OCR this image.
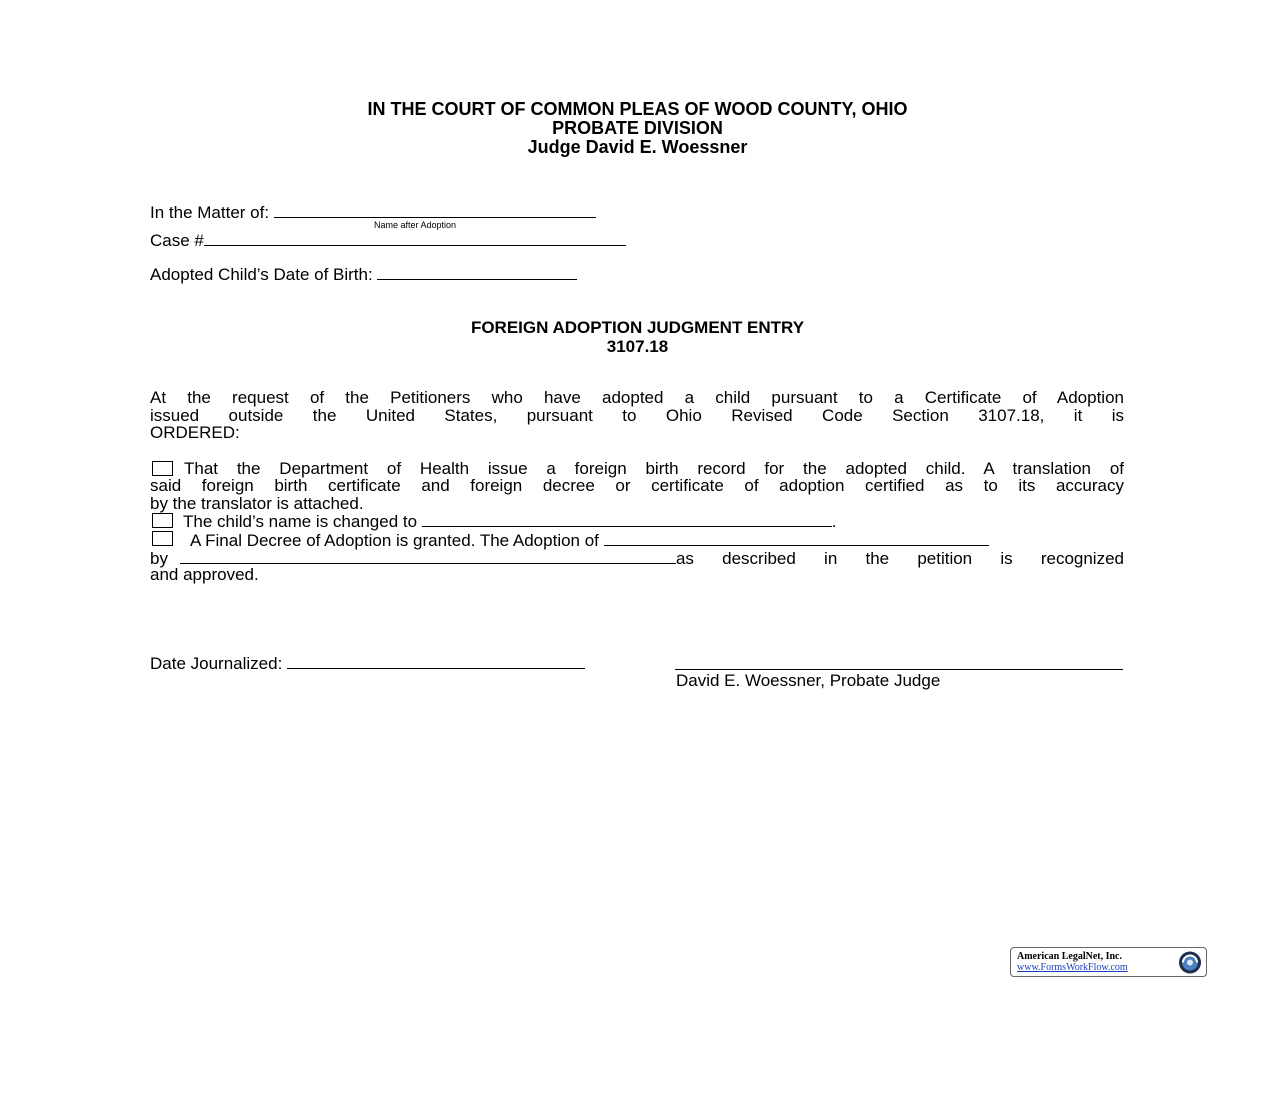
IN THE COURT OF COMMON PLEAS OF WOOD COUNTY, OHIO
PROBATE DIVISION
Judge David E. Woessner
In the Matter of:
Name after Adoption
Case #
Adopted Child’s Date of Birth:
FOREIGN ADOPTION JUDGMENT ENTRY
3107.18
At the request of the Petitioners who have adopted a child pursuant to a Certificate of Adoption
issued outside the United States, pursuant to Ohio Revised Code Section 3107.18, it is
ORDERED:
That the Department of Health issue a foreign birth record for the adopted child. A translation of
said foreign birth certificate and foreign decree or certificate of adoption certified as to its accuracy
by the translator is attached.
The child’s name is changed to	.
A Final Decree of Adoption is granted. The Adoption of
by	as described in the petition is recognized
and approved.
Date Journalized:
David E. Woessner, Probate Judge
American LegalNet, Inc.
www.FormsWorkFlow.com
